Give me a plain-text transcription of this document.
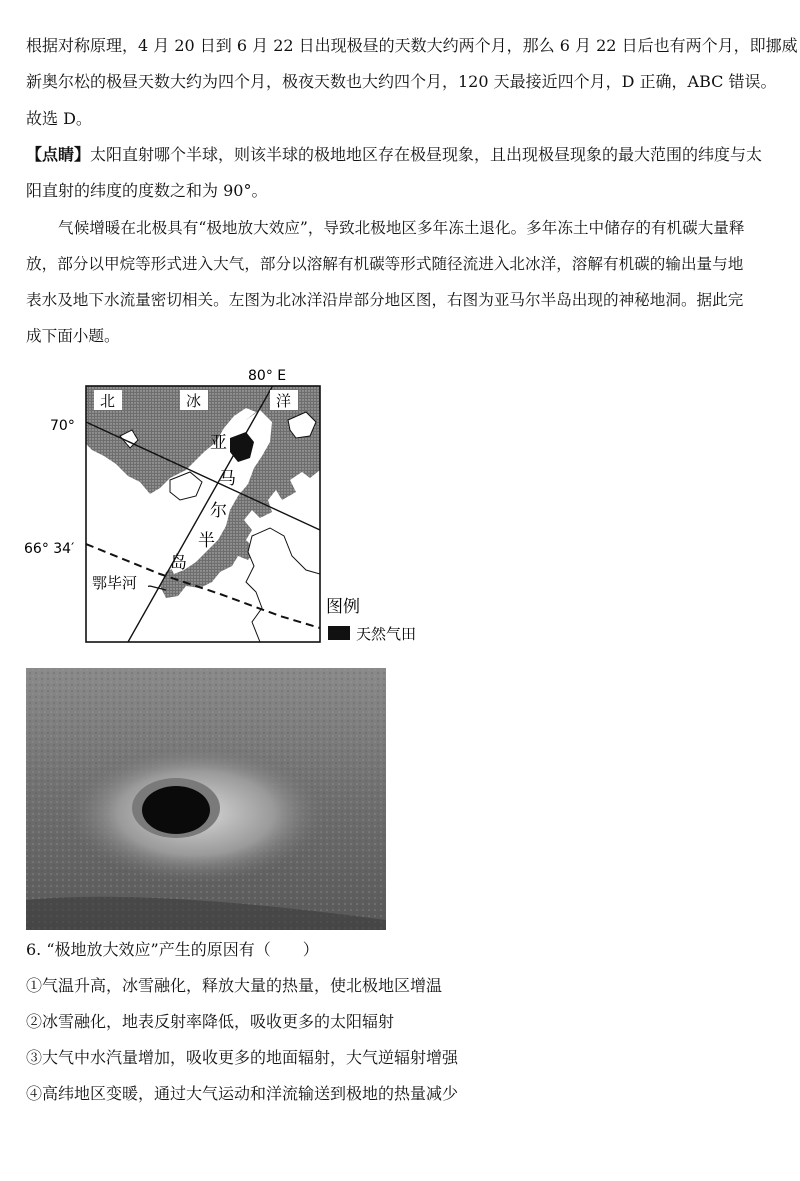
根据对称原理，4 月 20 日到 6 月 22 日出现极昼的天数大约两个月，那么 6 月 22 日后也有两个月，即挪威
新奥尔松的极昼天数大约为四个月，极夜天数也大约四个月，120 天最接近四个月，D 正确，ABC 错误。
故选 D。
【点睛】太阳直射哪个半球，则该半球的极地地区存在极昼现象，且出现极昼现象的最大范围的纬度与太
阳直射的纬度的度数之和为 90°。
气候增暖在北极具有“极地放大效应”，导致北极地区多年冻土退化。多年冻土中储存的有机碳大量释
放，部分以甲烷等形式进入大气，部分以溶解有机碳等形式随径流进入北冰洋，溶解有机碳的输出量与地
表水及地下水流量密切相关。左图为北冰洋沿岸部分地区图，右图为亚马尔半岛出现的神秘地洞。据此完
成下面小题。
80° E
70°
66° 34′
北	冰	洋
亚
马
尔
半
岛
鄂毕河
图例
天然气田
6. “极地放大效应”产生的原因有（　　）
①气温升高，冰雪融化，释放大量的热量，使北极地区增温
②冰雪融化，地表反射率降低，吸收更多的太阳辐射
③大气中水汽量增加，吸收更多的地面辐射，大气逆辐射增强
④高纬地区变暖，通过大气运动和洋流输送到极地的热量减少
